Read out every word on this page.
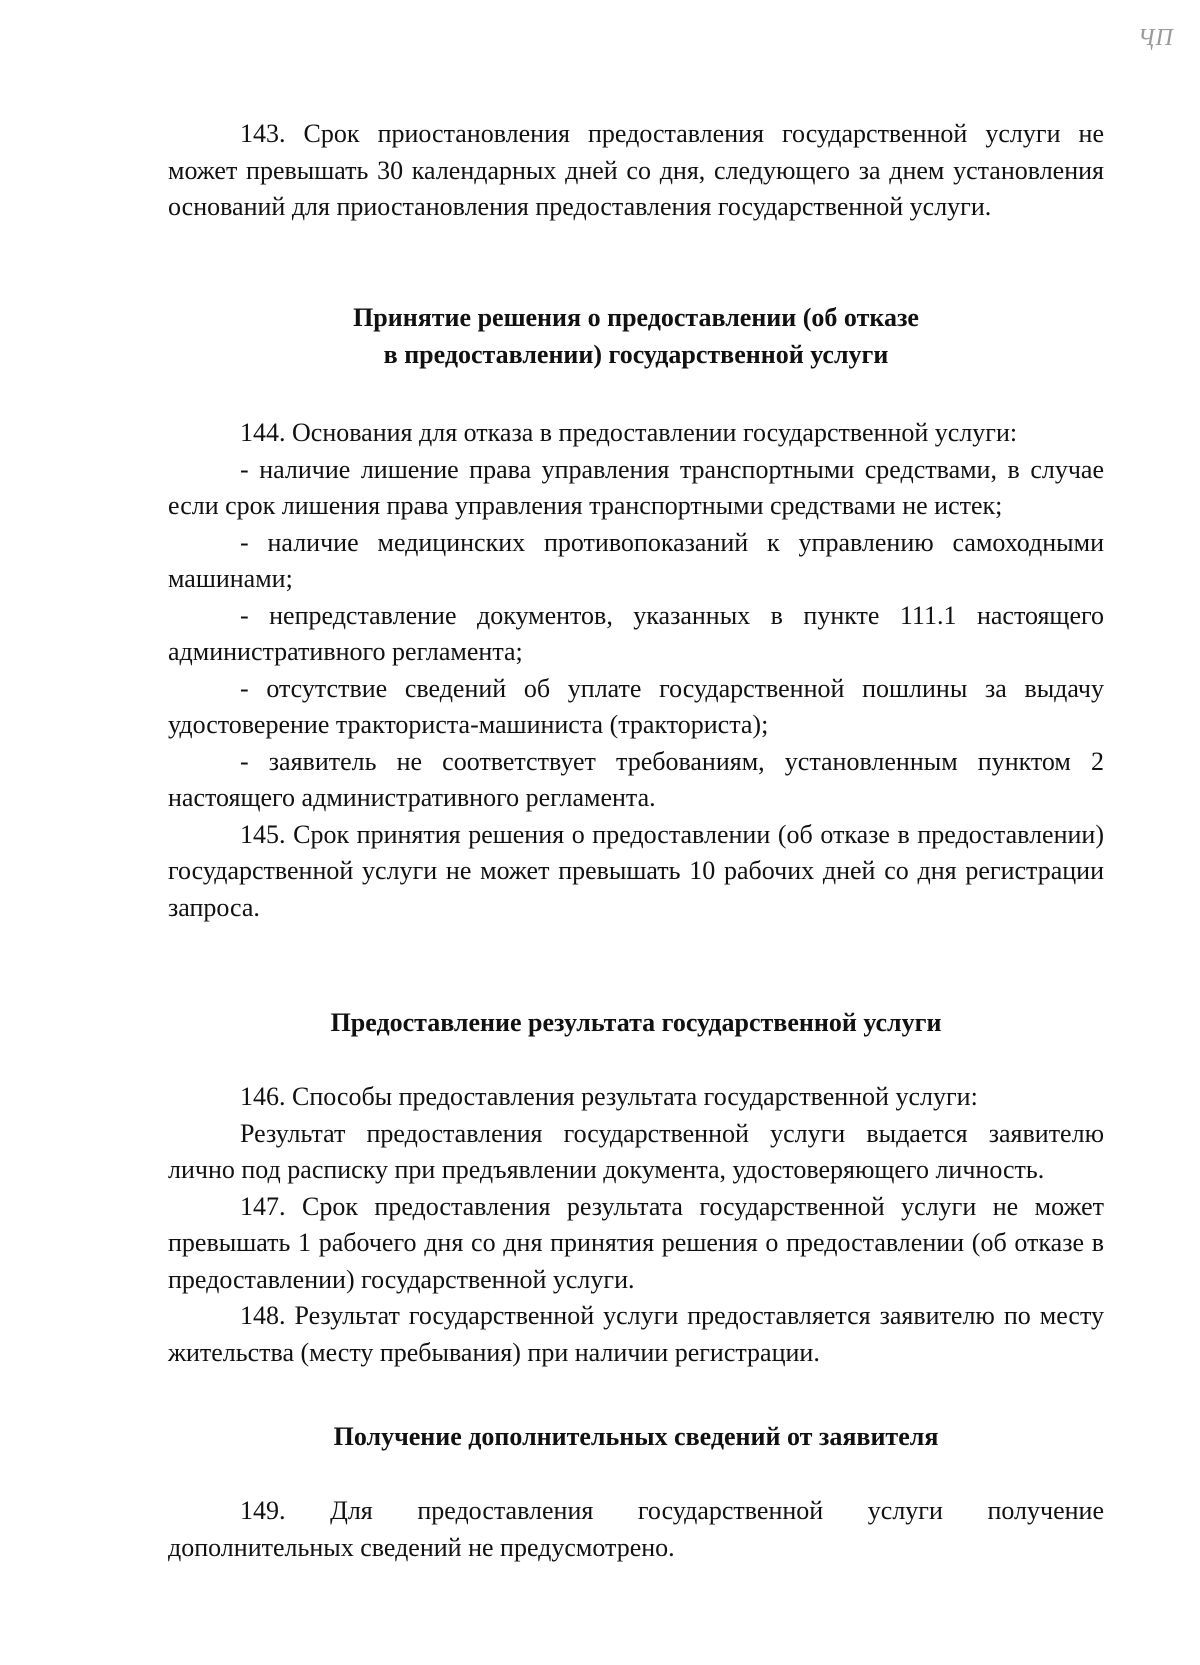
ҶП

143. Срок приостановления предоставления государственной услуги не может превышать 30 календарных дней со дня, следующего за днем установления оснований для приостановления предоставления государственной услуги.

Принятие решения о предоставлении (об отказе

в предоставлении) государственной услуги

144. Основания для отказа в предоставлении государственной услуги:

- наличие лишение права управления транспортными средствами, в случае если срок лишения права управления транспортными средствами не истек;

- наличие медицинских противопоказаний к управлению самоходными машинами;

- непредставление документов, указанных в пункте 111.1 настоящего административного регламента;

- отсутствие сведений об уплате государственной пошлины за выдачу удостоверение тракториста-машиниста (тракториста);

- заявитель не соответствует требованиям, установленным пунктом 2 настоящего административного регламента.

145. Срок принятия решения о предоставлении (об отказе в предоставлении) государственной услуги не может превышать 10 рабочих дней со дня регистрации запроса.

Предоставление результата государственной услуги

146. Способы предоставления результата государственной услуги:

Результат предоставления государственной услуги выдается заявителю лично под расписку при предъявлении документа, удостоверяющего личность.

147. Срок предоставления результата государственной услуги не может превышать 1 рабочего дня со дня принятия решения о предоставлении (об отказе в предоставлении) государственной услуги.

148. Результат государственной услуги предоставляется заявителю по месту жительства (месту пребывания) при наличии регистрации.

Получение дополнительных сведений от заявителя

149. Для предоставления государственной услуги получение дополнительных сведений не предусмотрено.
